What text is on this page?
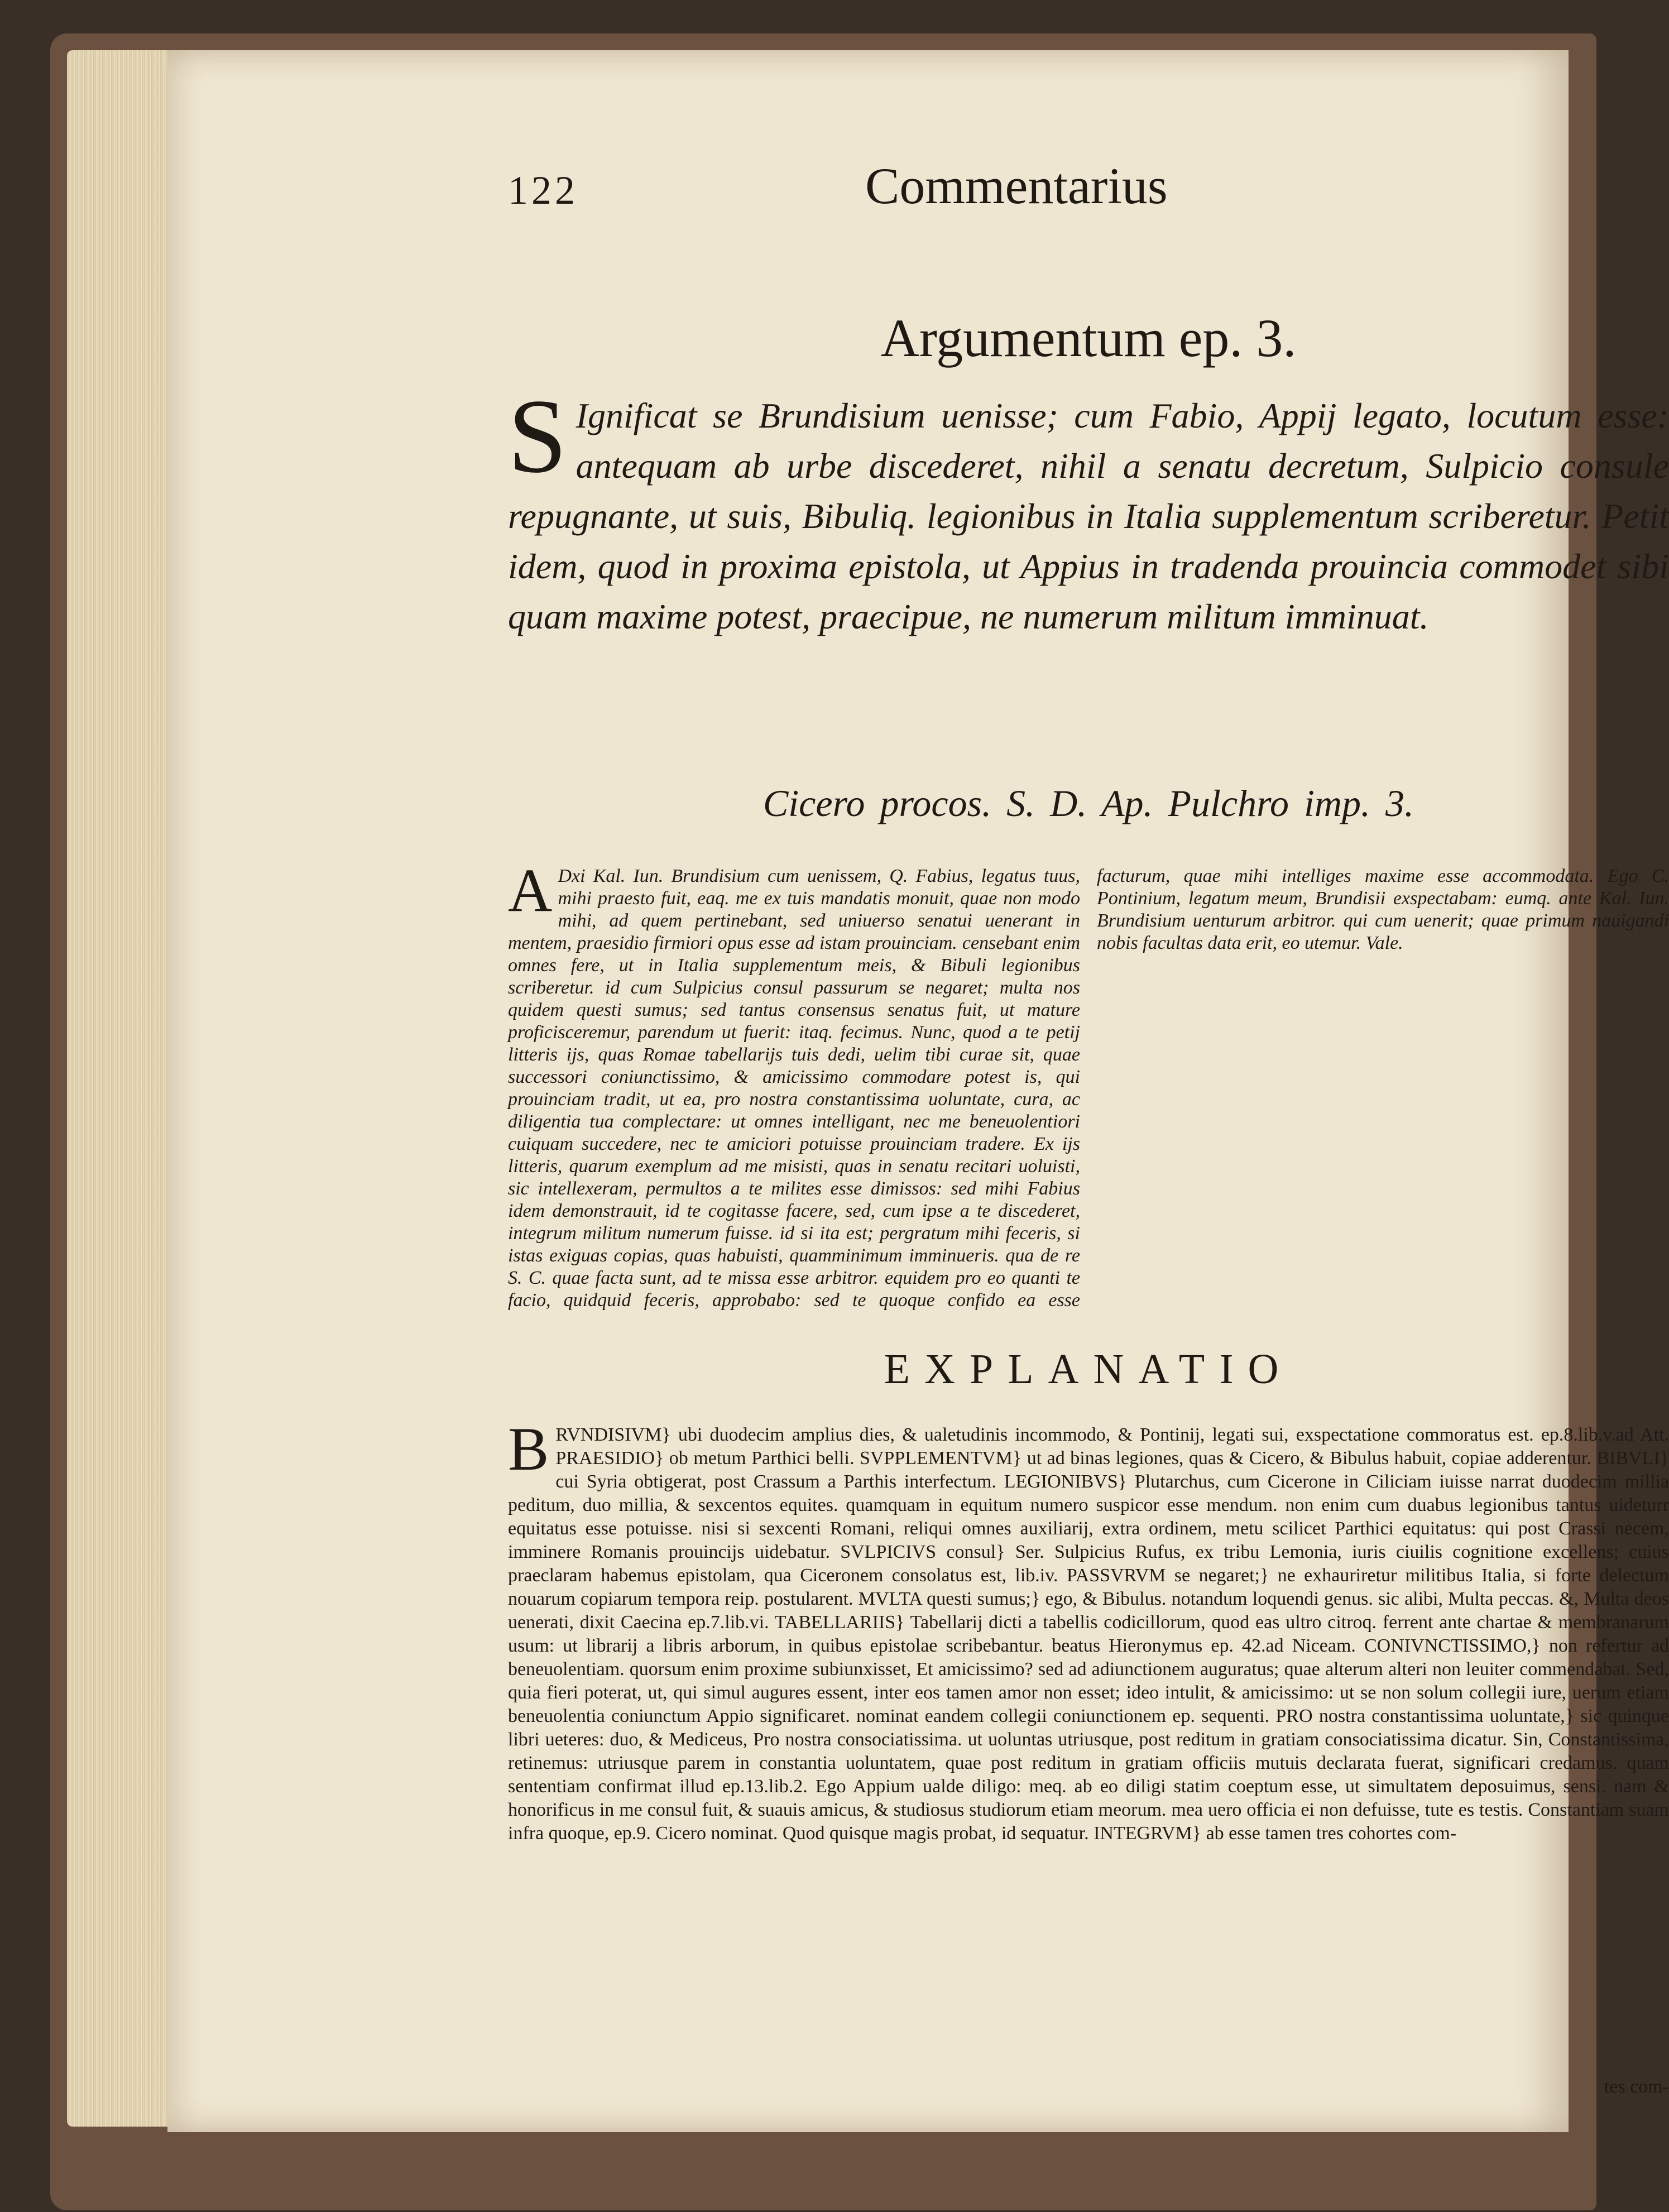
122	Commentarius
Argumentum ep. 3.
S Ignificat se Brundisium uenisse; cum Fabio, Appij legato, locutum esse: antequam ab urbe discederet, nihil a senatu decretum, Sulpicio consule repugnante, ut suis, Bibuliq. legionibus in Italia supplementum scriberetur. Petit idem, quod in proxima epistola, ut Appius in tradenda prouincia commodet sibi quam maxime potest, praecipue, ne numerum militum imminuat.
Cicero procos. S. D. Ap. Pulchro imp. 3.
A Dxi Kal. Iun. Brundisium cum uenissem, Q. Fabius, legatus tuus, mihi praesto fuit, eaq. me ex tuis mandatis monuit, quae non modo mihi, ad quem pertinebant, sed uniuerso senatui uenerant in mentem, praesidio firmiori opus esse ad istam prouinciam. censebant enim omnes fere, ut in Italia supplementum meis, & Bibuli legionibus scriberetur. id cum Sulpicius consul passurum se negaret; multa nos quidem questi sumus; sed tantus consensus senatus fuit, ut mature proficisceremur, parendum ut fuerit: itaq. fecimus. Nunc, quod a te petij litteris ijs, quas Romae tabellarijs tuis dedi, uelim tibi curae sit, quae successori coniunctissimo, & amicissimo commodare potest is, qui prouinciam tradit, ut ea, pro nostra constantissima uoluntate, cura, ac diligentia tua complectare: ut omnes intelligant, nec me beneuolentiori cuiquam succedere, nec te amiciori potuisse prouinciam tradere. Ex ijs litteris, quarum exemplum ad me misisti, quas in senatu recitari uoluisti, sic intellexeram, permultos a te milites esse dimissos: sed mihi Fabius idem demonstrauit, id te cogitasse facere, sed, cum ipse a te discederet, integrum militum numerum fuisse. id si ita est; pergratum mihi feceris, si istas exiguas copias, quas habuisti, quamminimum imminueris. qua de re S. C. quae facta sunt, ad te missa esse arbitror. equidem pro eo quanti te facio, quidquid feceris, approbabo: sed te quoque confido ea esse facturum, quae mihi intelliges maxime esse accommodata. Ego C. Pontinium, legatum meum, Brundisii exspectabam: eumq. ante Kal. Iun. Brundisium uenturum arbitror. qui cum uenerit; quae primum nauigandi nobis facultas data erit, eo utemur. Vale.
EXPLANATIO
B RVNDISIVM} ubi duodecim amplius dies, & ualetudinis incommodo, & Pontinij, legati sui, exspectatione commoratus est. ep.8.lib.v.ad Att. PRAESIDIO} ob metum Parthici belli. SVPPLEMENTVM} ut ad binas legiones, quas & Cicero, & Bibulus habuit, copiae adderentur. BIBVLI} cui Syria obtigerat, post Crassum a Parthis interfectum. LEGIONIBVS} Plutarchus, cum Cicerone in Ciliciam iuisse narrat duodecim millia peditum, duo millia, & sexcentos equites. quamquam in equitum numero suspicor esse mendum. non enim cum duabus legionibus tantus uideturr equitatus esse potuisse. nisi si sexcenti Romani, reliqui omnes auxiliarij, extra ordinem, metu scilicet Parthici equitatus: qui post Crassi necem, imminere Romanis prouincijs uidebatur. SVLPICIVS consul} Ser. Sulpicius Rufus, ex tribu Lemonia, iuris ciuilis cognitione excellens; cuius praeclaram habemus epistolam, qua Ciceronem consolatus est, lib.iv. PASSVRVM se negaret;} ne exhauriretur militibus Italia, si forte delectum nouarum copiarum tempora reip. postularent. MVLTA questi sumus;} ego, & Bibulus. notandum loquendi genus. sic alibi, Multa peccas. &, Multa deos uenerati, dixit Caecina ep.7.lib.vi. TABELLARIIS} Tabellarij dicti a tabellis codicillorum, quod eas ultro citroq. ferrent ante chartae & membranarum usum: ut librarij a libris arborum, in quibus epistolae scribebantur. beatus Hieronymus ep. 42.ad Niceam. CONIVNCTISSIMO,} non refertur ad beneuolentiam. quorsum enim proxime subiunxisset, Et amicissimo? sed ad adiunctionem auguratus; quae alterum alteri non leuiter commendabat. Sed, quia fieri poterat, ut, qui simul augures essent, inter eos tamen amor non esset; ideo intulit, & amicissimo: ut se non solum collegii iure, uerum etiam beneuolentia coniunctum Appio significaret. nominat eandem collegii coniunctionem ep. sequenti. PRO nostra constantissima uoluntate,} sic quinque libri ueteres: duo, & Mediceus, Pro nostra consociatissima. ut uoluntas utriusque, post reditum in gratiam consociatissima dicatur. Sin, Constantissima, retinemus: utriusque parem in constantia uoluntatem, quae post reditum in gratiam officiis mutuis declarata fuerat, significari credamus. quam sententiam confirmat illud ep.13.lib.2. Ego Appium ualde diligo: meq. ab eo diligi statim coeptum esse, ut simultatem deposuimus, sensi. nam & honorificus in me consul fuit, & suauis amicus, & studiosus studiorum etiam meorum. mea uero officia ei non defuisse, tute es testis. Constantiam suam infra quoque, ep.9. Cicero nominat. Quod quisque magis probat, id sequatur. INTEGRVM} ab esse tamen tres cohortes com-
tes com-
